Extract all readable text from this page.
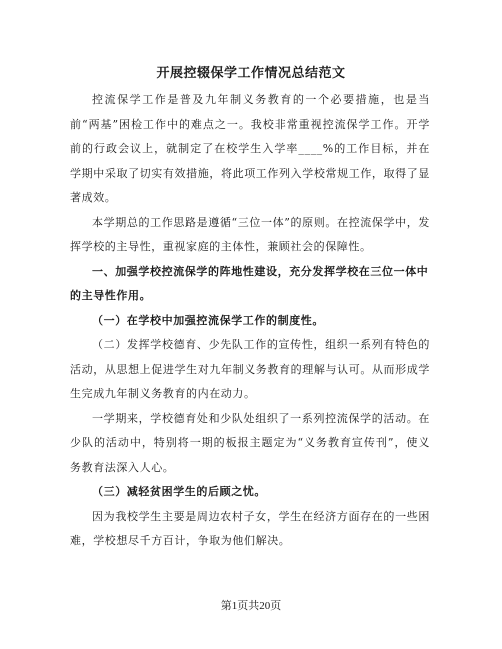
开展控辍保学工作情况总结范文

控流保学工作是普及九年制义务教育的一个必要措施，也是当前“两基”困检工作中的难点之一。我校非常重视控流保学工作。开学前的行政会议上，就制定了在校学生入学率____%的工作目标，并在学期中采取了切实有效措施，将此项工作列入学校常规工作，取得了显著成效。

本学期总的工作思路是遵循“三位一体”的原则。在控流保学中，发挥学校的主导性，重视家庭的主体性，兼顾社会的保障性。

一、加强学校控流保学的阵地性建设，充分发挥学校在三位一体中的主导性作用。

（一）在学校中加强控流保学工作的制度性。

（二）发挥学校德育、少先队工作的宣传性，组织一系列有特色的活动，从思想上促进学生对九年制义务教育的理解与认可。从而形成学生完成九年制义务教育的内在动力。

一学期来，学校德育处和少队处组织了一系列控流保学的活动。在少队的活动中，特别将一期的板报主题定为“义务教育宣传刊”，使义务教育法深入人心。

（三）减轻贫困学生的后顾之忧。

因为我校学生主要是周边农村子女，学生在经济方面存在的一些困难，学校想尽千方百计，争取为他们解决。

第1页共20页
